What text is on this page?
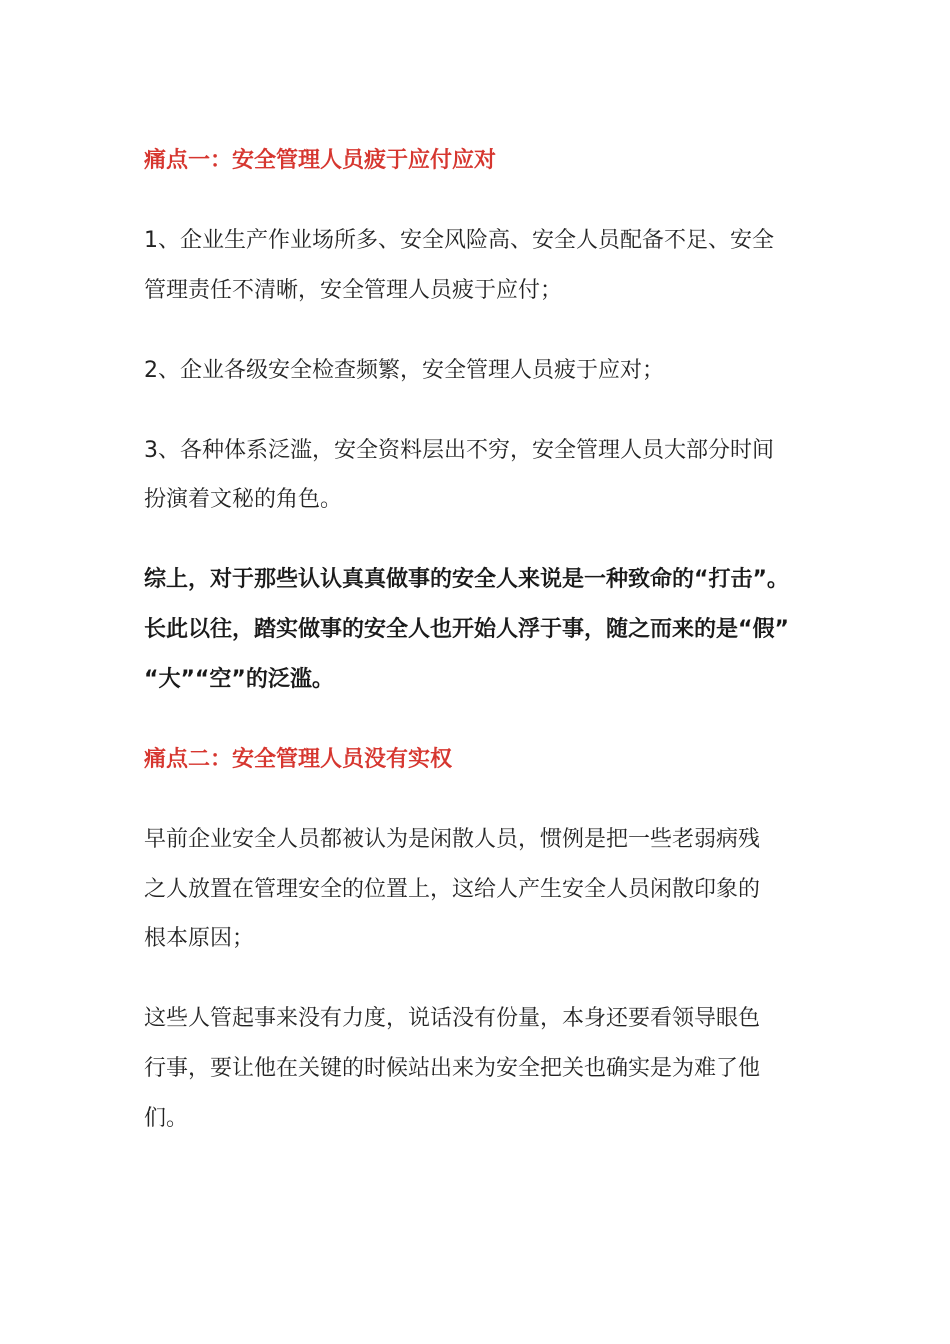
痛点一：安全管理人员疲于应付应对
1、企业生产作业场所多、安全风险高、安全人员配备不足、安全
管理责任不清晰，安全管理人员疲于应付；
2、企业各级安全检查频繁，安全管理人员疲于应对；
3、各种体系泛滥，安全资料层出不穷，安全管理人员大部分时间
扮演着文秘的角色。
综上，对于那些认认真真做事的安全人来说是一种致命的“打击”。
长此以往，踏实做事的安全人也开始人浮于事，随之而来的是“假”
“大”“空”的泛滥。
痛点二：安全管理人员没有实权
早前企业安全人员都被认为是闲散人员，惯例是把一些老弱病残
之人放置在管理安全的位置上，这给人产生安全人员闲散印象的
根本原因；
这些人管起事来没有力度，说话没有份量，本身还要看领导眼色
行事，要让他在关键的时候站出来为安全把关也确实是为难了他
们。
